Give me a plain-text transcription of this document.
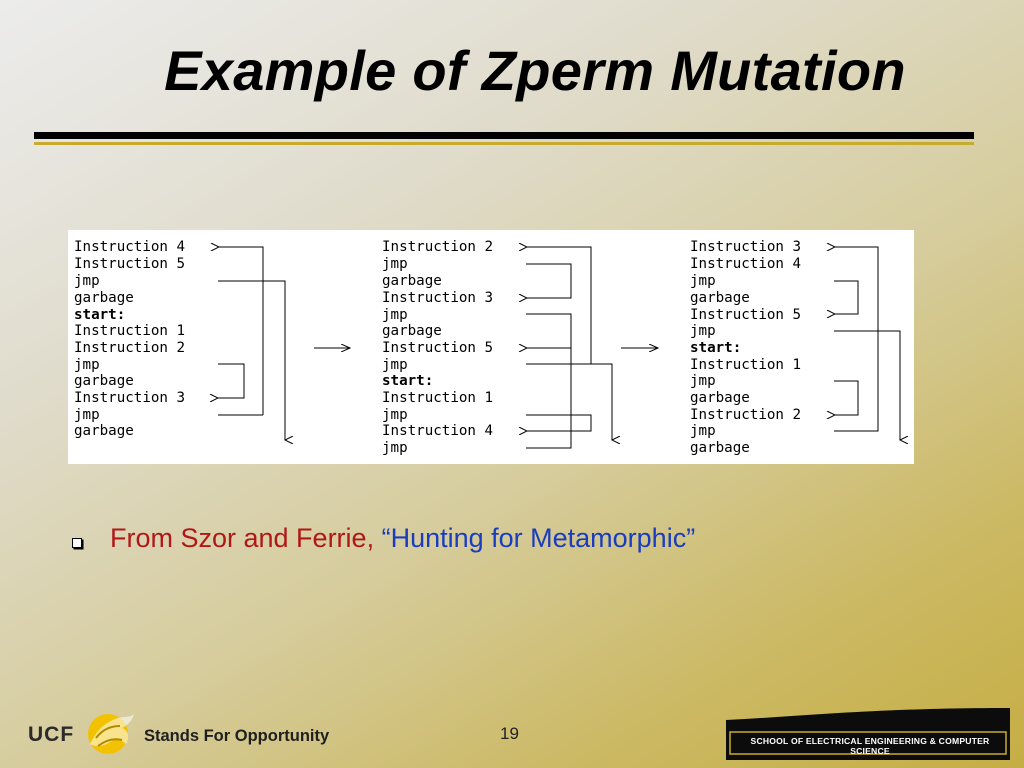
Example of Zperm Mutation
Instruction 4
Instruction 5
jmp
garbage
start:
Instruction 1
Instruction 2
jmp
garbage
Instruction 3
jmp
garbage
Instruction 2
jmp
garbage
Instruction 3
jmp
garbage
Instruction 5
jmp
start:
Instruction 1
jmp
Instruction 4
jmp
Instruction 3
Instruction 4
jmp
garbage
Instruction 5
jmp
start:
Instruction 1
jmp
garbage
Instruction 2
jmp
garbage
From Szor and Ferrie, “Hunting for Metamorphic”
UCF	Stands For Opportunity	19	SCHOOL OF ELECTRICAL ENGINEERING & COMPUTER SCIENCE
